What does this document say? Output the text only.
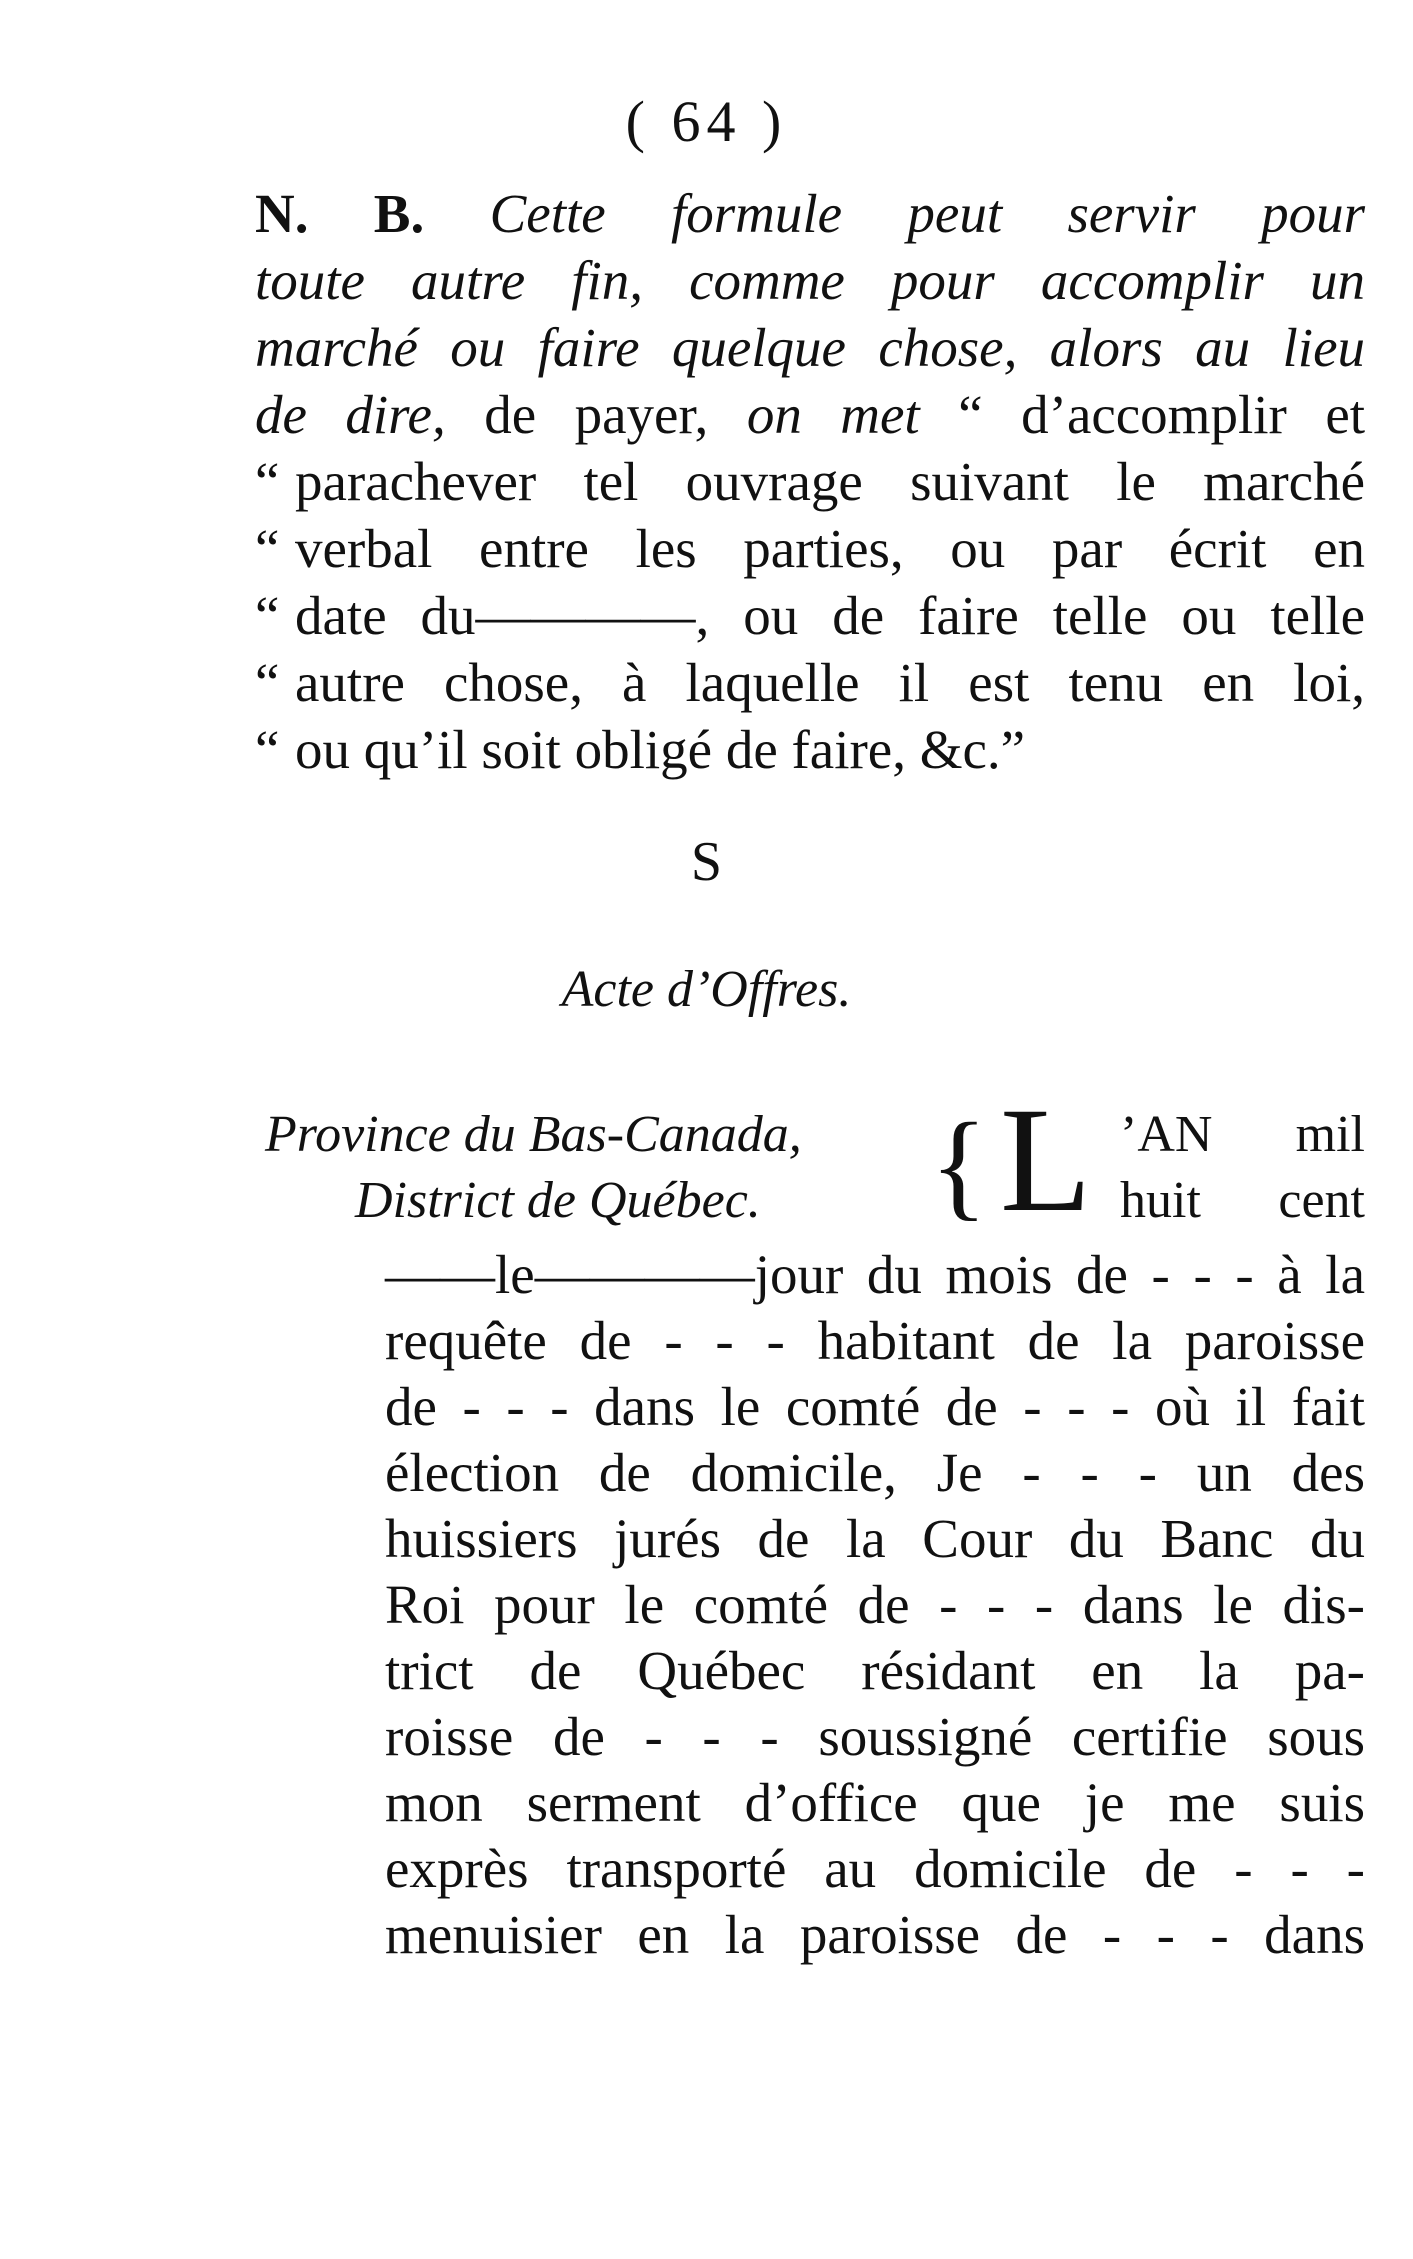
( 64 )
N. B. Cette formule peut servir pour
toute autre fin, comme pour accomplir un
marché ou faire quelque chose, alors au lieu
de dire, de payer, on met “ d’accomplir et
“ parachever tel ouvrage suivant le marché
“ verbal entre les parties, ou par écrit en
“ date du————, ou de faire telle ou telle
“ autre chose, à laquelle il est tenu en loi,
“ ou qu’il soit obligé de faire, &c.”
S
Acte d’Offres.
Province du Bas-Canada,
District de Québec.	{ L ’AN mil
huit cent
——le————jour du mois de - - - à la
requête de - - - habitant de la paroisse
de - - - dans le comté de - - - où il fait
élection de domicile, Je - - - un des
huissiers jurés de la Cour du Banc du
Roi pour le comté de - - - dans le dis-
trict de Québec résidant en la pa-
roisse de - - - soussigné certifie sous
mon serment d’office que je me suis
exprès transporté au domicile de - - -
menuisier en la paroisse de - - - dans
